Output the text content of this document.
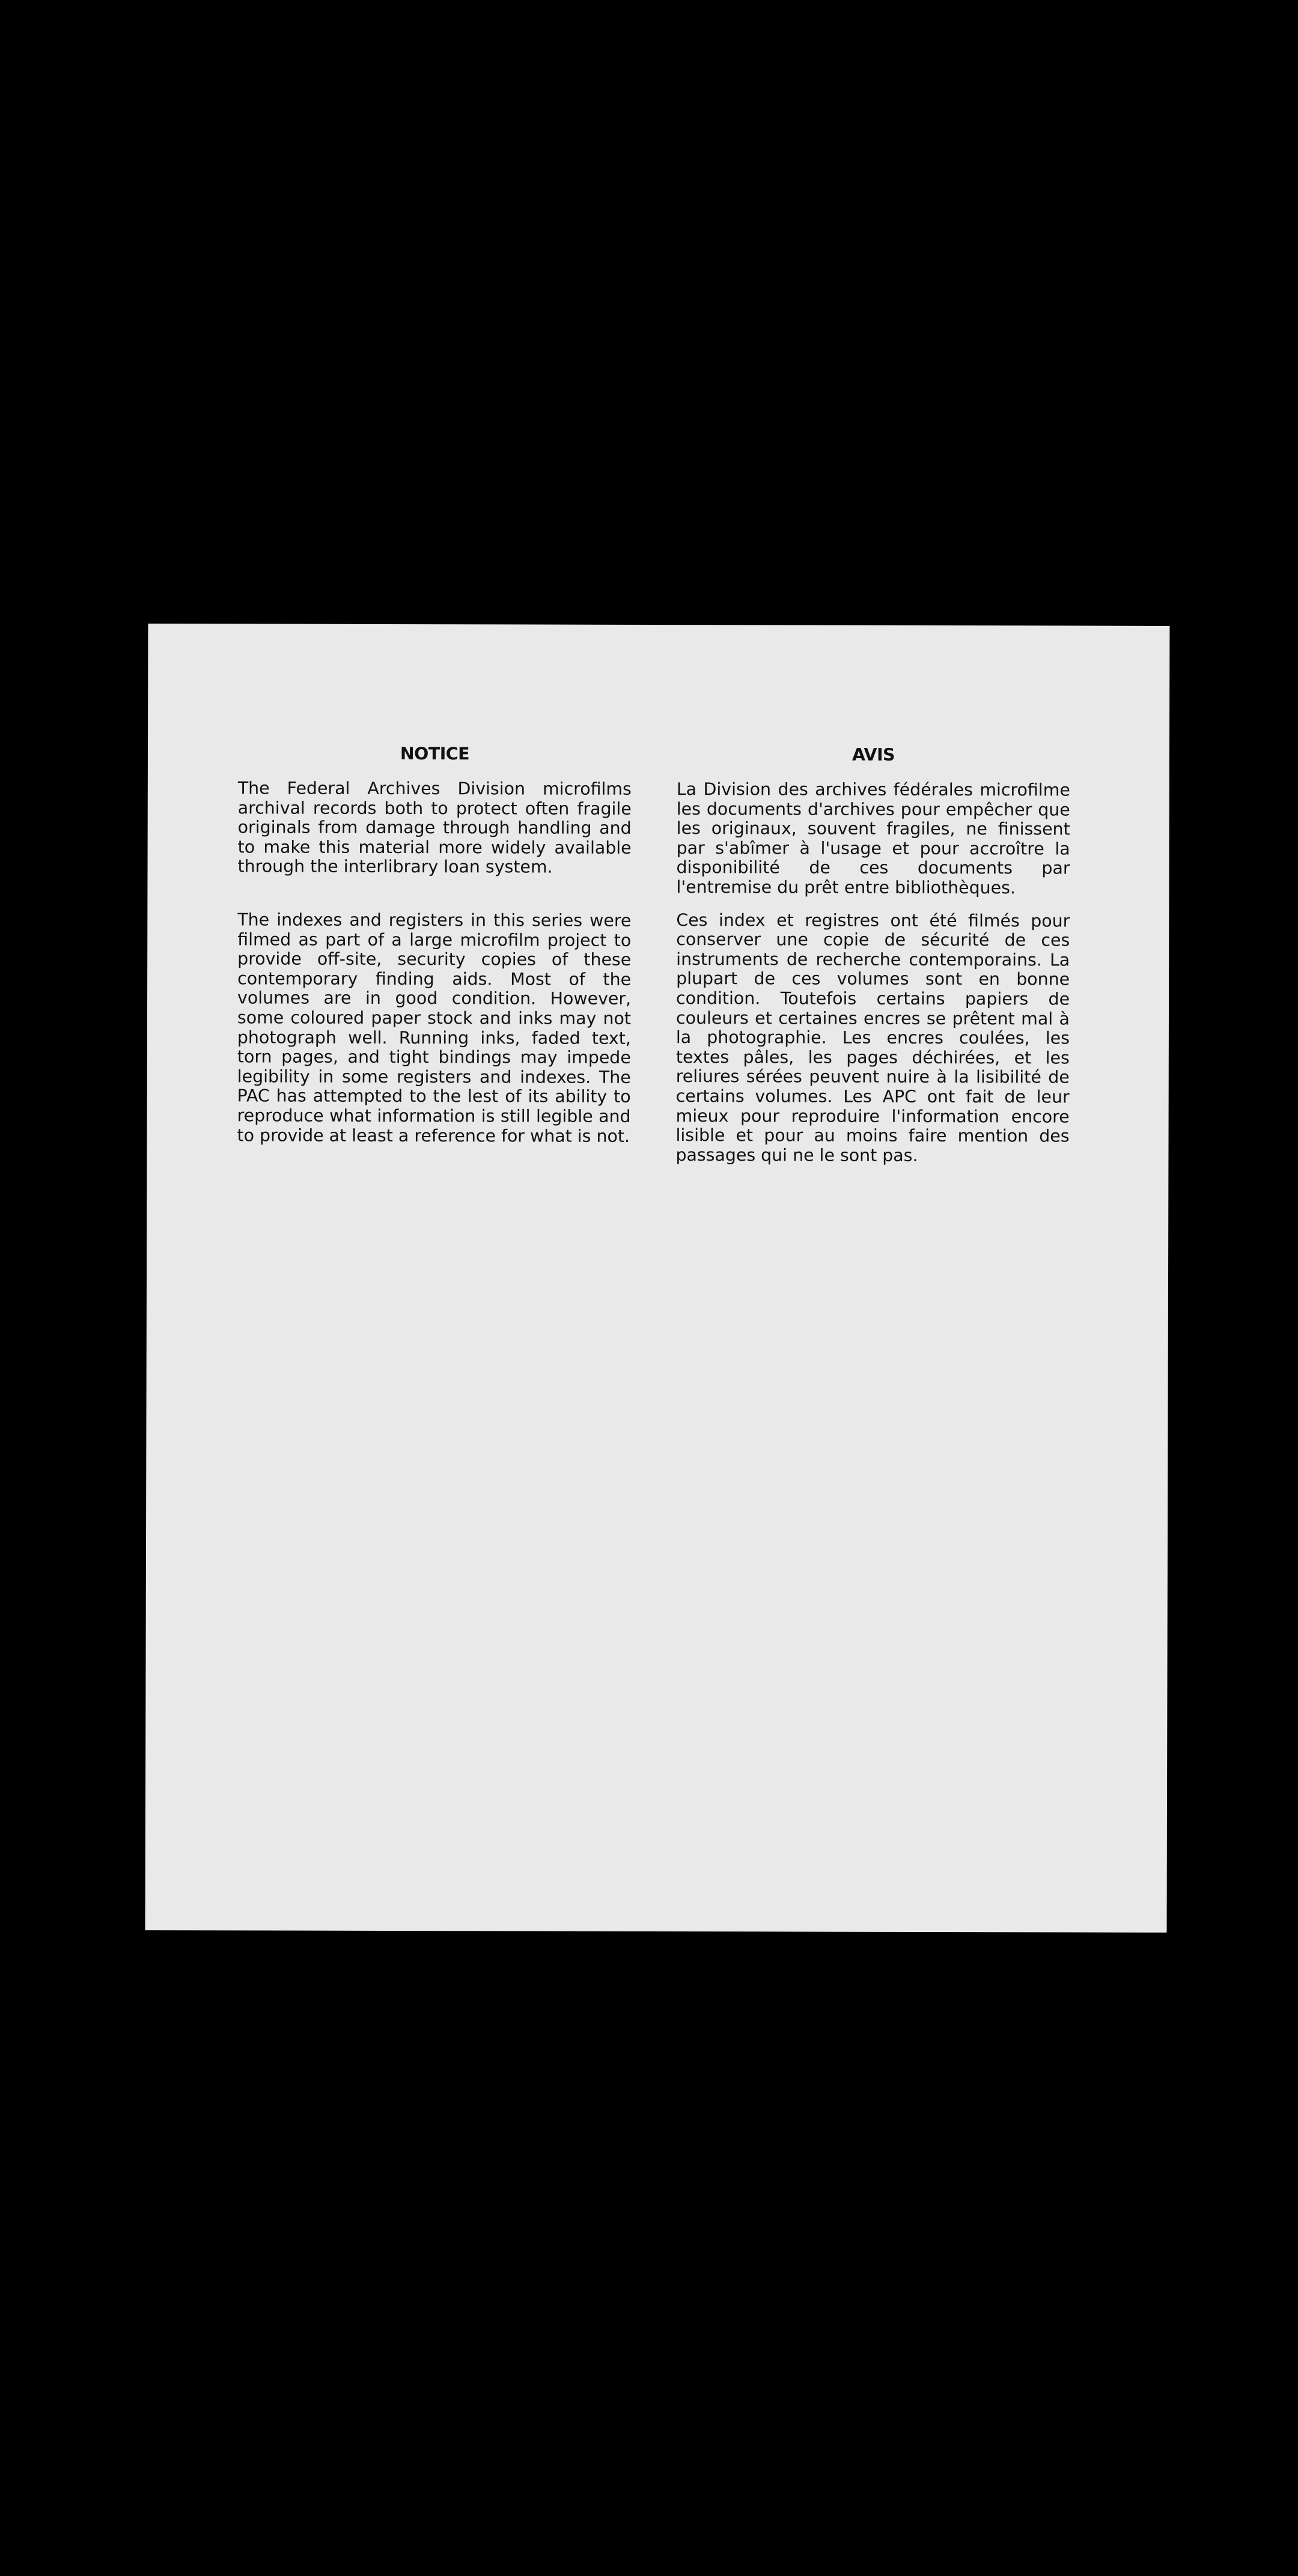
NOTICE

The Federal Archives Division microfilms archival records both to protect often fragile originals from damage through handling and to make this material more widely available through the interlibrary loan system.

The indexes and registers in this series were filmed as part of a large microfilm project to provide off-site, security copies of these contemporary finding aids. Most of the volumes are in good condition. However, some coloured paper stock and inks may not photograph well. Running inks, faded text, torn pages, and tight bindings may impede legibility in some registers and indexes. The PAC has attempted to the lest of its ability to reproduce what information is still legible and to provide at least a reference for what is not.

AVIS

La Division des archives fédérales microfilme les documents d'archives pour empêcher que les originaux, souvent fragiles, ne finissent par s'abîmer à l'usage et pour accroître la disponibilité de ces documents par l'entremise du prêt entre bibliothèques.

Ces index et registres ont été filmés pour conserver une copie de sécurité de ces instruments de recherche contemporains. La plupart de ces volumes sont en bonne condition. Toutefois certains papiers de couleurs et certaines encres se prêtent mal à la photographie. Les encres coulées, les textes pâles, les pages déchirées, et les reliures sérées peuvent nuire à la lisibilité de certains volumes. Les APC ont fait de leur mieux pour reproduire l'information encore lisible et pour au moins faire mention des passages qui ne le sont pas.
